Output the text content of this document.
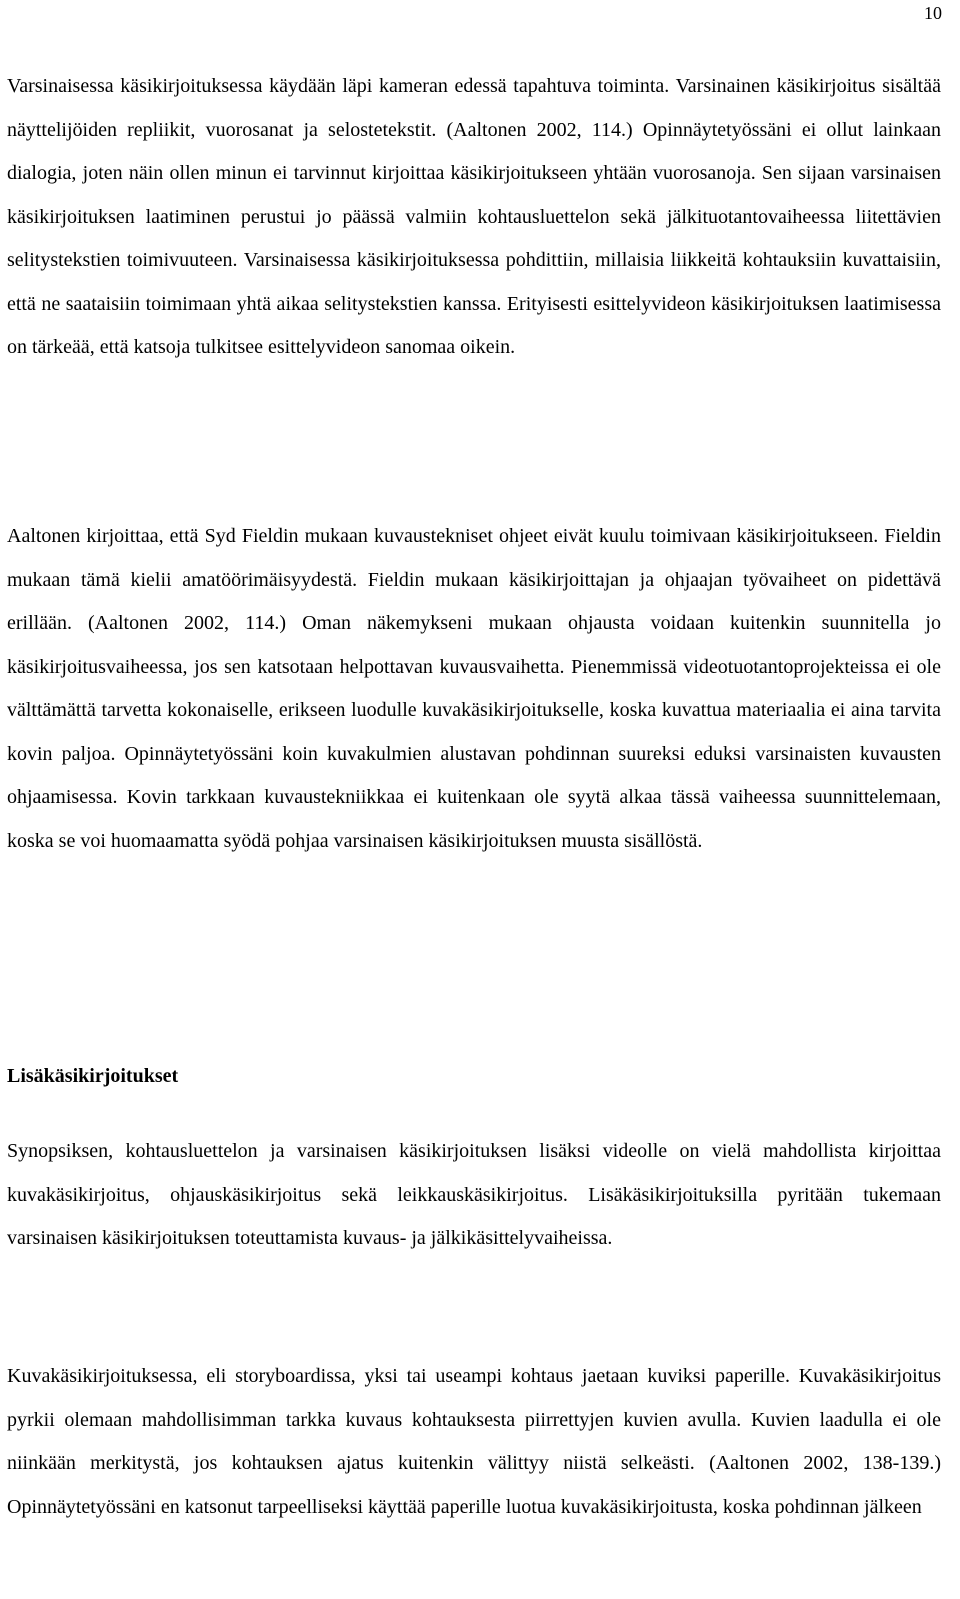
10

Varsinaisessa käsikirjoituksessa käydään läpi kameran edessä tapahtuva toiminta. Varsinainen käsikirjoitus sisältää näyttelijöiden repliikit, vuorosanat ja selostetekstit. (Aaltonen 2002, 114.) Opinnäytetyössäni ei ollut lainkaan dialogia, joten näin ollen minun ei tarvinnut kirjoittaa käsikirjoitukseen yhtään vuorosanoja. Sen sijaan varsinaisen käsikirjoituksen laatiminen perustui jo päässä valmiin kohtausluettelon sekä jälkituotantovaiheessa liitettävien selitystekstien toimivuuteen. Varsinaisessa käsikirjoituksessa pohdittiin, millaisia liikkeitä kohtauksiin kuvattaisiin, että ne saataisiin toimimaan yhtä aikaa selitystekstien kanssa. Erityisesti esittelyvideon käsikirjoituksen laatimisessa on tärkeää, että katsoja tulkitsee esittelyvideon sanomaa oikein.

Aaltonen kirjoittaa, että Syd Fieldin mukaan kuvaustekniset ohjeet eivät kuulu toimivaan käsikirjoitukseen. Fieldin mukaan tämä kielii amatöörimäisyydestä. Fieldin mukaan käsikirjoittajan ja ohjaajan työvaiheet on pidettävä erillään. (Aaltonen 2002, 114.) Oman näkemykseni mukaan ohjausta voidaan kuitenkin suunnitella jo käsikirjoitusvaiheessa, jos sen katsotaan helpottavan kuvausvaihetta. Pienemmissä videotuotantoprojekteissa ei ole välttämättä tarvetta kokonaiselle, erikseen luodulle kuvakäsikirjoitukselle, koska kuvattua materiaalia ei aina tarvita kovin paljoa. Opinnäytetyössäni koin kuvakulmien alustavan pohdinnan suureksi eduksi varsinaisten kuvausten ohjaamisessa. Kovin tarkkaan kuvaustekniikkaa ei kuitenkaan ole syytä alkaa tässä vaiheessa suunnittelemaan, koska se voi huomaamatta syödä pohjaa varsinaisen käsikirjoituksen muusta sisällöstä.

Lisäkäsikirjoitukset

Synopsiksen, kohtausluettelon ja varsinaisen käsikirjoituksen lisäksi videolle on vielä mahdollista kirjoittaa kuvakäsikirjoitus, ohjauskäsikirjoitus sekä leikkauskäsikirjoitus. Lisäkäsikirjoituksilla pyritään tukemaan varsinaisen käsikirjoituksen toteuttamista kuvaus- ja jälkikäsittelyvaiheissa.

Kuvakäsikirjoituksessa, eli storyboardissa, yksi tai useampi kohtaus jaetaan kuviksi paperille. Kuvakäsikirjoitus pyrkii olemaan mahdollisimman tarkka kuvaus kohtauksesta piirrettyjen kuvien avulla. Kuvien laadulla ei ole niinkään merkitystä, jos kohtauksen ajatus kuitenkin välittyy niistä selkeästi. (Aaltonen 2002, 138-139.) Opinnäytetyössäni en katsonut tarpeelliseksi käyttää paperille luotua kuvakäsikirjoitusta, koska pohdinnan jälkeen
